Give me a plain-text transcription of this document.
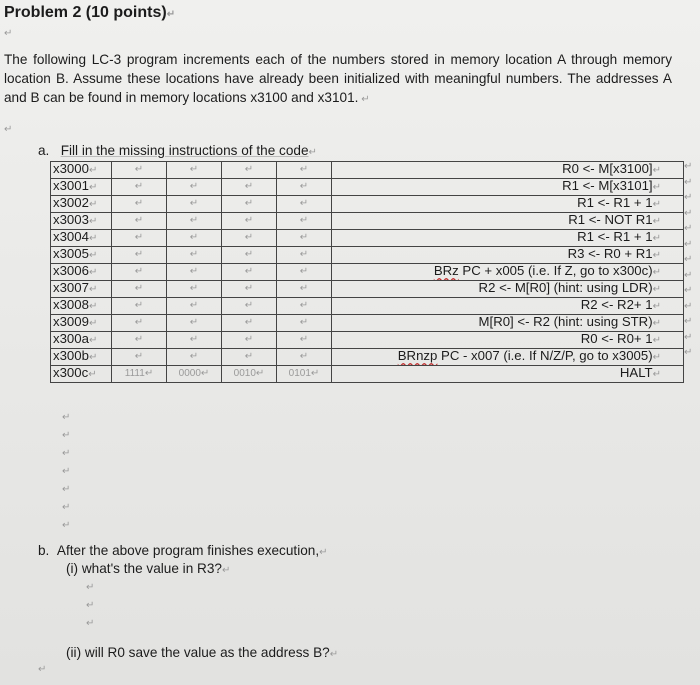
Problem 2 (10 points)↵
↵
The following LC-3 program increments each of the numbers stored in memory location A through memory location B. Assume these locations have already been initialized with meaningful numbers. The addresses A and B can be found in memory locations x3100 and x3101. ↵
↵
a. Fill in the missing instructions of the code↵
x3000↵	↵	↵	↵	↵	R0 <- M[x3100]↵
x3001↵	↵	↵	↵	↵	R1 <- M[x3101]↵
x3002↵	↵	↵	↵	↵	R1 <- R1 + 1↵
x3003↵	↵	↵	↵	↵	R1 <- NOT R1↵
x3004↵	↵	↵	↵	↵	R1 <- R1 + 1↵
x3005↵	↵	↵	↵	↵	R3 <- R0 + R1↵
x3006↵	↵	↵	↵	↵	BRz PC + x005 (i.e. If Z, go to x300c)↵
x3007↵	↵	↵	↵	↵	R2 <- M[R0] (hint: using LDR)↵
x3008↵	↵	↵	↵	↵	R2 <- R2+ 1↵
x3009↵	↵	↵	↵	↵	M[R0] <- R2 (hint: using STR)↵
x300a↵	↵	↵	↵	↵	R0 <- R0+ 1↵
x300b↵	↵	↵	↵	↵	BRnzp PC - x007 (i.e. If N/Z/P, go to x3005)↵
x300c↵	1111↵	0000↵	0010↵	0101↵	HALT↵
↵
↵
↵
↵
↵
↵
↵
↵
↵
↵
↵
↵
↵
↵
↵
↵
↵
↵
↵
↵
b. After the above program finishes execution,↵
(i) what's the value in R3?↵
↵
↵
↵
(ii) will R0 save the value as the address B?↵
↵
